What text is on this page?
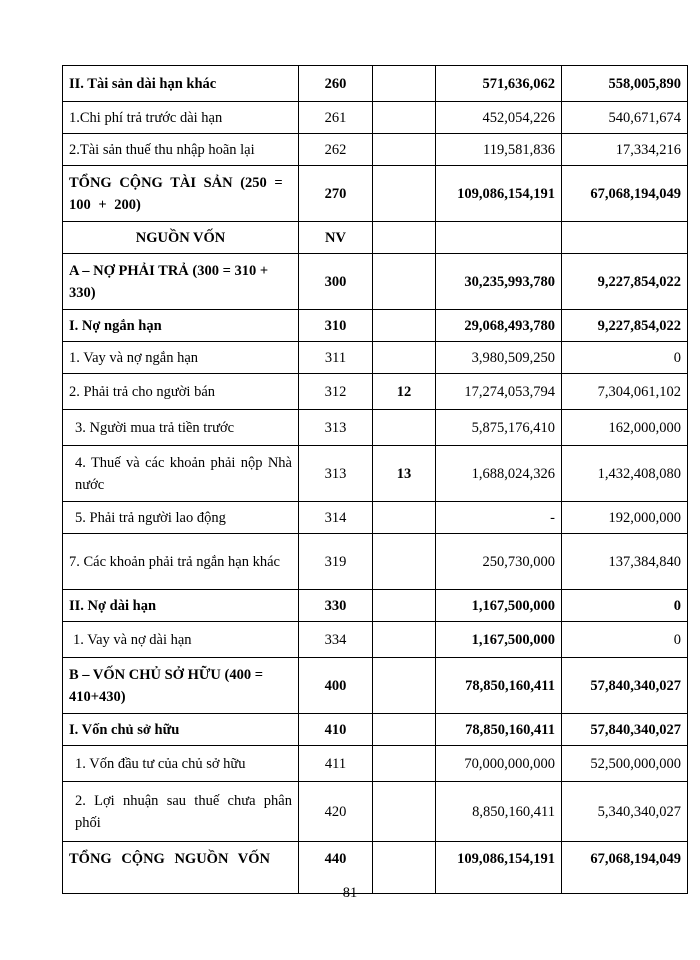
II. Tài sản dài hạn khác	260		571,636,062	558,005,890
1.Chi phí trả trước dài hạn	261		452,054,226	540,671,674
2.Tài sản thuế thu nhập hoãn lại	262		119,581,836	17,334,216
TỔNG CỘNG TÀI SẢN (250 = 100 + 200)	270		109,086,154,191	67,068,194,049
NGUỒN VỐN	NV			
A – NỢ PHẢI TRẢ (300 = 310 + 330)	300		30,235,993,780	9,227,854,022
I. Nợ ngắn hạn	310		29,068,493,780	9,227,854,022
1. Vay và nợ ngắn hạn	311		3,980,509,250	0
2. Phải trả cho người bán	312	12	17,274,053,794	7,304,061,102
3. Người mua trả tiền trước	313		5,875,176,410	162,000,000
4. Thuế và các khoản phải nộp Nhà nước	313	13	1,688,024,326	1,432,408,080
5. Phải trả người lao động	314		-	192,000,000
7. Các khoản phải trả ngắn hạn khác	319		250,730,000	137,384,840
II. Nợ dài hạn	330		1,167,500,000	0
1. Vay và nợ dài hạn	334		1,167,500,000	0
B – VỐN CHỦ SỞ HỮU (400 = 410+430)	400		78,850,160,411	57,840,340,027
I. Vốn chủ sở hữu	410		78,850,160,411	57,840,340,027
1. Vốn đầu tư của chủ sở hữu	411		70,000,000,000	52,500,000,000
2. Lợi nhuận sau thuế chưa phân phối	420		8,850,160,411	5,340,340,027
TỔNG CỘNG NGUỒN VỐN	440		109,086,154,191	67,068,194,049
81
